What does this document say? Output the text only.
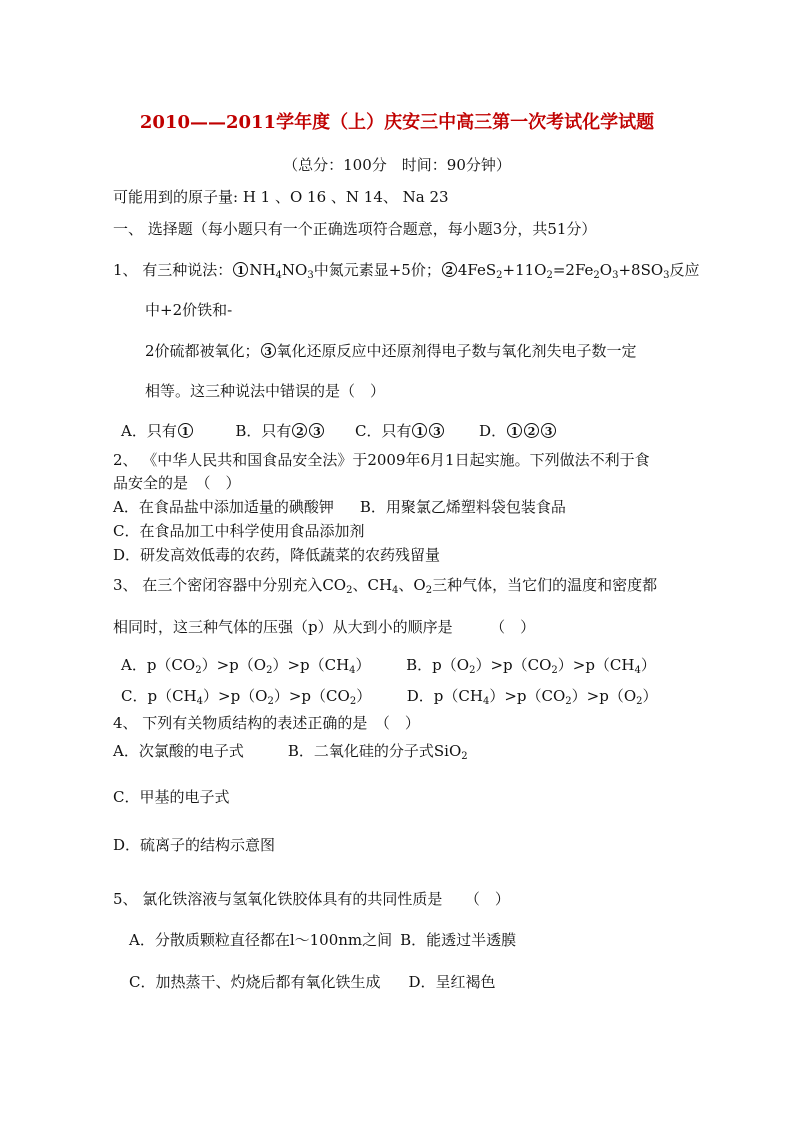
2010——2011学年度（上）庆安三中高三第一次考试化学试题
（总分：100分　时间：90分钟）
可能用到的原子量: H 1 、O 16 、N 14、 Na 23
一、 选择题（每小题只有一个正确选项符合题意，每小题3分，共51分）
1、 有三种说法： 1 $NH_4NO_3$中氮元素显+5价； 2 $4FeS_2+11O_2=2Fe_2O_3+8SO_3$反应
中+2价铁和-
2价硫都被氧化； 3 氧化还原反应中还原剂得电子数与氧化剂失电子数一定
相等。这三种说法中错误的是（　）
A．只有 1	B．只有 2 3 C．只有 1 3	D． 1 2 3
2、 《中华人民共和国食品安全法》于2009年6月1日起实施。下列做法不利于食
品安全的是　（　）
A．在食品盐中添加适量的碘酸钾 B．用聚氯乙烯塑料袋包装食品
C．在食品加工中科学使用食品添加剂
D．研发高效低毒的农药，降低蔬菜的农药残留量
3、 在三个密闭容器中分别充入$CO_2$、$CH_4$、$O_2$三种气体，当它们的温度和密度都
相同时，这三种气体的压强（p）从大到小的顺序是　　　（　）
A．$p(CO_2)>p(O_2)>p(CH_4)$ B．$p(O_2)>p(CO_2)>p(CH_4)$
C．$p(CH_4)>p(O_2)>p(CO_2)$ D．$p(CH_4)>p(CO_2)>p(O_2)$
4、 下列有关物质结构的表述正确的是　（　）
A．次氯酸的电子式	B．二氧化硅的分子式SiO$_2$
C．甲基的电子式
D．硫离子的结构示意图
5、 氯化铁溶液与氢氧化铁胶体具有的共同性质是　　（　）
A．分散质颗粒直径都在l～100nm之间 B．能透过半透膜
C．加热蒸干、灼烧后都有氧化铁生成 D．呈红褐色
